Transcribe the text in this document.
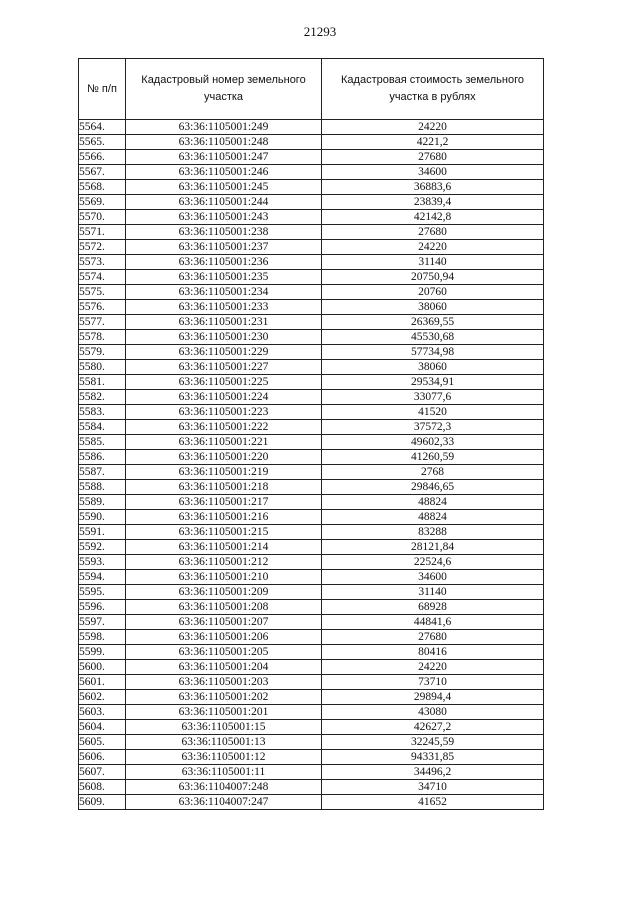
21293
№ п/п	Кадастровый номер земельного участка	Кадастровая стоимость земельного участка в рублях
5564.	63:36:1105001:249	24220
5565.	63:36:1105001:248	4221,2
5566.	63:36:1105001:247	27680
5567.	63:36:1105001:246	34600
5568.	63:36:1105001:245	36883,6
5569.	63:36:1105001:244	23839,4
5570.	63:36:1105001:243	42142,8
5571.	63:36:1105001:238	27680
5572.	63:36:1105001:237	24220
5573.	63:36:1105001:236	31140
5574.	63:36:1105001:235	20750,94
5575.	63:36:1105001:234	20760
5576.	63:36:1105001:233	38060
5577.	63:36:1105001:231	26369,55
5578.	63:36:1105001:230	45530,68
5579.	63:36:1105001:229	57734,98
5580.	63:36:1105001:227	38060
5581.	63:36:1105001:225	29534,91
5582.	63:36:1105001:224	33077,6
5583.	63:36:1105001:223	41520
5584.	63:36:1105001:222	37572,3
5585.	63:36:1105001:221	49602,33
5586.	63:36:1105001:220	41260,59
5587.	63:36:1105001:219	2768
5588.	63:36:1105001:218	29846,65
5589.	63:36:1105001:217	48824
5590.	63:36:1105001:216	48824
5591.	63:36:1105001:215	83288
5592.	63:36:1105001:214	28121,84
5593.	63:36:1105001:212	22524,6
5594.	63:36:1105001:210	34600
5595.	63:36:1105001:209	31140
5596.	63:36:1105001:208	68928
5597.	63:36:1105001:207	44841,6
5598.	63:36:1105001:206	27680
5599.	63:36:1105001:205	80416
5600.	63:36:1105001:204	24220
5601.	63:36:1105001:203	73710
5602.	63:36:1105001:202	29894,4
5603.	63:36:1105001:201	43080
5604.	63:36:1105001:15	42627,2
5605.	63:36:1105001:13	32245,59
5606.	63:36:1105001:12	94331,85
5607.	63:36:1105001:11	34496,2
5608.	63:36:1104007:248	34710
5609.	63:36:1104007:247	41652
